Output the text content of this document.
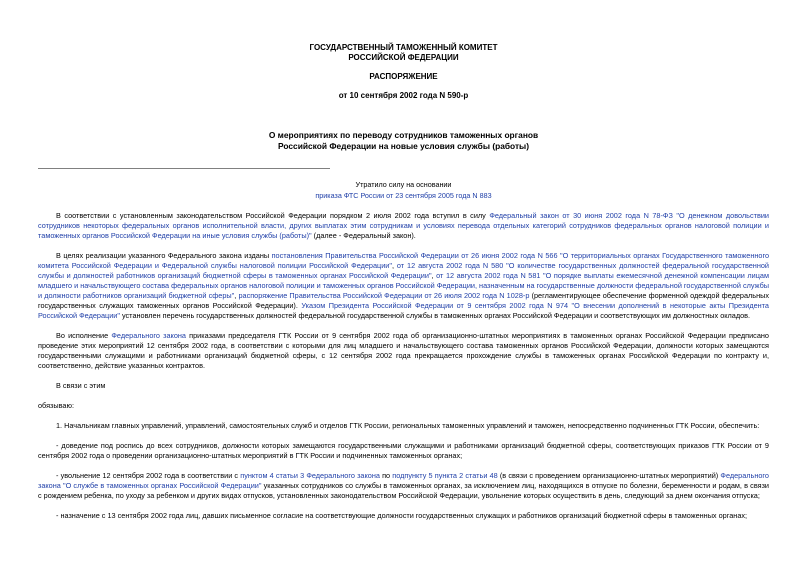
ГОСУДАРСТВЕННЫЙ ТАМОЖЕННЫЙ КОМИТЕТ
РОССИЙСКОЙ ФЕДЕРАЦИИ
РАСПОРЯЖЕНИЕ
от 10 сентября 2002 года N 590-р
О мероприятиях по переводу сотрудников таможенных органов
Российской Федерации на новые условия службы (работы)
Утратило силу на основании
приказа ФТС России от 23 сентября 2005 года N 883

В соответствии с установленным законодательством Российской Федерации порядком 2 июля 2002 года вступил в силу Федеральный закон от 30 июня 2002 года N 78-ФЗ "О денежном довольствии сотрудников некоторых федеральных органов исполнительной власти, других выплатах этим сотрудникам и условиях перевода отдельных категорий сотрудников федеральных органов налоговой полиции и таможенных органов Российской Федерации на иные условия службы (работы)" (далее - Федеральный закон).

В целях реализации указанного Федерального закона изданы постановления Правительства Российской Федерации от 26 июня 2002 года N 566 "О территориальных органах Государственного таможенного комитета Российской Федерации и Федеральной службы налоговой полиции Российской Федерации", от 12 августа 2002 года N 580 "О количестве государственных должностей федеральной государственной службы и должностей работников организаций бюджетной сферы в таможенных органах Российской Федерации", от 12 августа 2002 года N 581 "О порядке выплаты ежемесячной денежной компенсации лицам младшего и начальствующего состава федеральных органов налоговой полиции и таможенных органов Российской Федерации, назначенным на государственные должности федеральной государственной службы и должности работников организаций бюджетной сферы", распоряжение Правительства Российской Федерации от 26 июля 2002 года N 1028-р (регламентирующее обеспечение форменной одеждой федеральных государственных служащих таможенных органов Российской Федерации). Указом Президента Российской Федерации от 9 сентября 2002 года N 974 "О внесении дополнений в некоторые акты Президента Российской Федерации" установлен перечень государственных должностей федеральной государственной службы в таможенных органах Российской Федерации и соответствующих им должностных окладов.

Во исполнение Федерального закона приказами председателя ГТК России от 9 сентября 2002 года об организационно-штатных мероприятиях в таможенных органах Российской Федерации предписано проведение этих мероприятий 12 сентября 2002 года, в соответствии с которыми для лиц младшего и начальствующего состава таможенных органов Российской Федерации, должности которых замещаются государственными служащими и работниками организаций бюджетной сферы, с 12 сентября 2002 года прекращается прохождение службы в таможенных органах Российской Федерации по контракту и, соответственно, действие указанных контрактов.

В связи с этим

обязываю:

1. Начальникам главных управлений, управлений, самостоятельных служб и отделов ГТК России, региональных таможенных управлений и таможен, непосредственно подчиненных ГТК России, обеспечить:

- доведение под роспись до всех сотрудников, должности которых замещаются государственными служащими и работниками организаций бюджетной сферы, соответствующих приказов ГТК России от 9 сентября 2002 года о проведении организационно-штатных мероприятий в ГТК России и подчиненных таможенных органах;

- увольнение 12 сентября 2002 года в соответствии с пунктом 4 статьи 3 Федерального закона по подпункту 5 пункта 2 статьи 48 (в связи с проведением организационно-штатных мероприятий) Федерального закона "О службе в таможенных органах Российской Федерации" указанных сотрудников со службы в таможенных органах, за исключением лиц, находящихся в отпуске по болезни, беременности и родам, в связи с рождением ребенка, по уходу за ребенком и других видах отпусков, установленных законодательством Российской Федерации, увольнение которых осуществить в день, следующий за днем окончания отпуска;

- назначение с 13 сентября 2002 года лиц, давших письменное согласие на соответствующие должности государственных служащих и работников организаций бюджетной сферы в таможенных органах;
